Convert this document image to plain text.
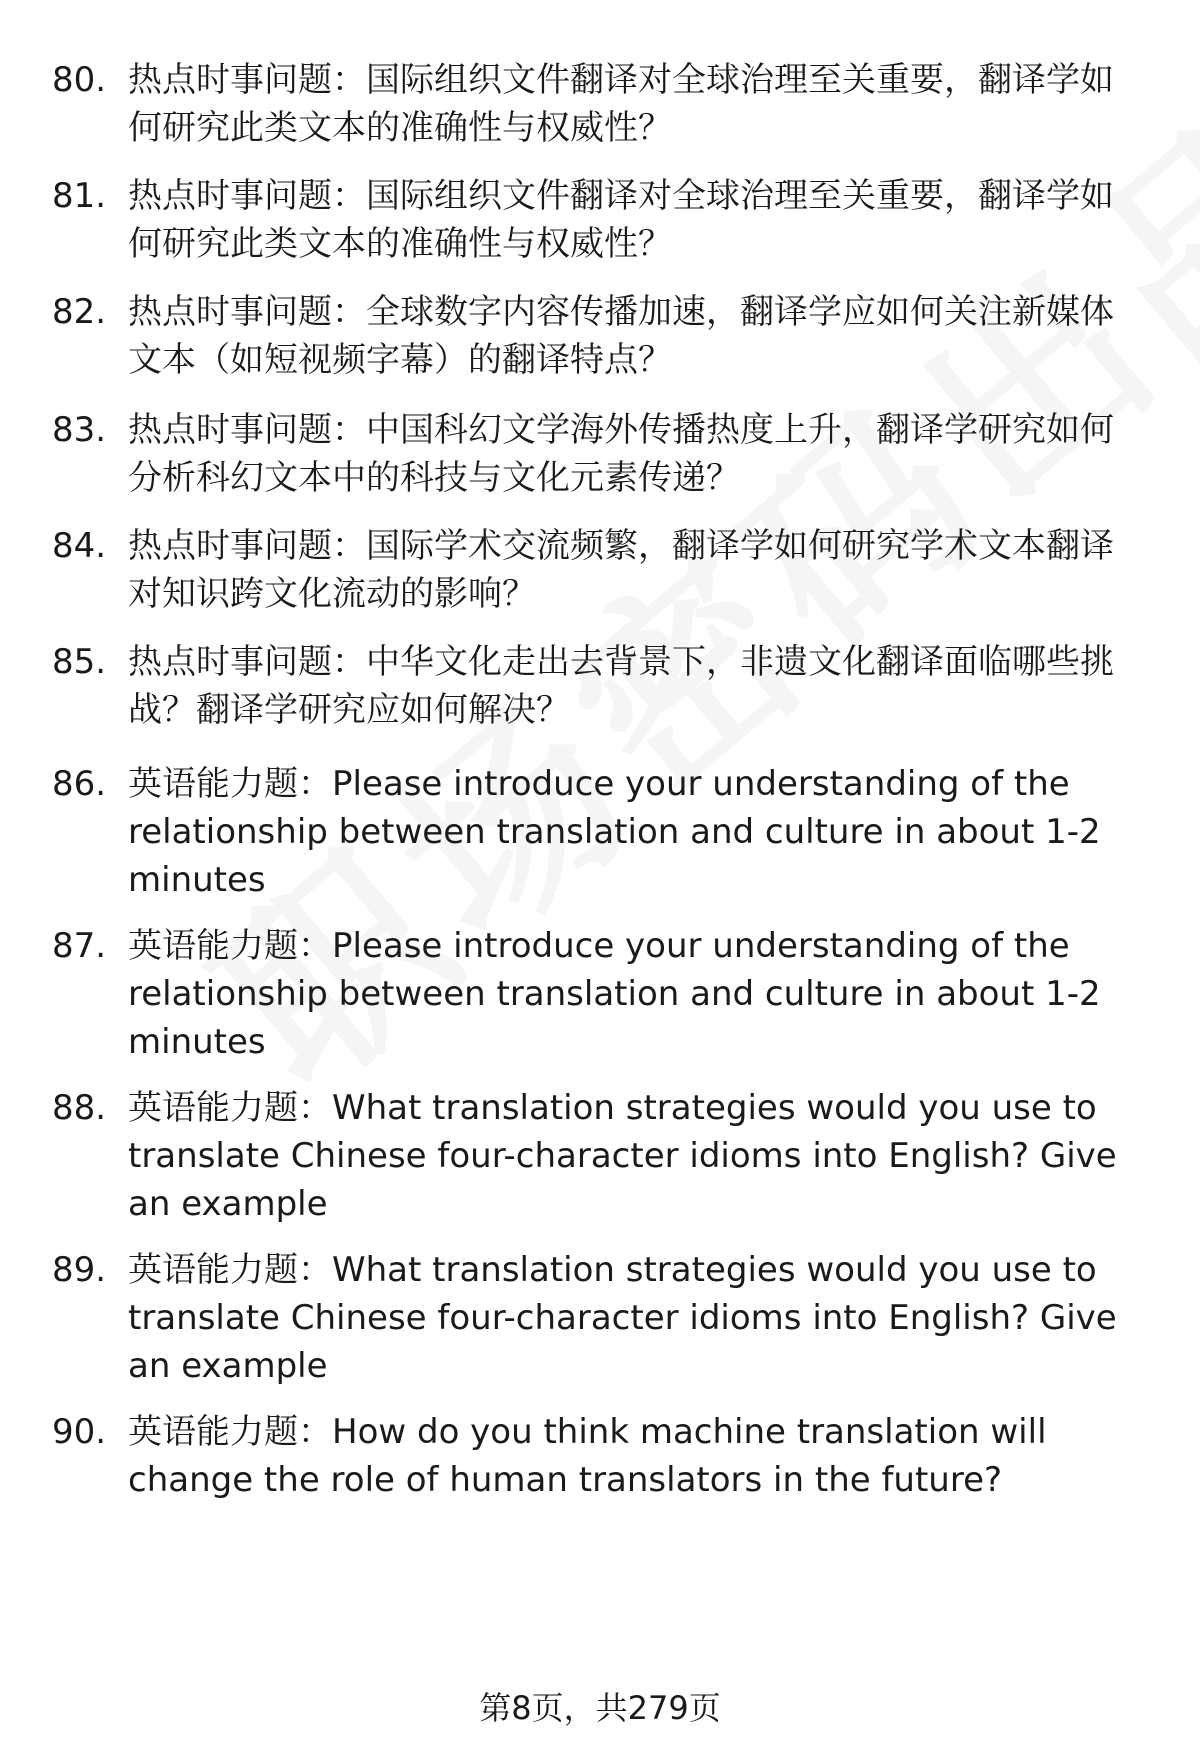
80. 热点时事问题：国际组织文件翻译对全球治理至关重要，翻译学如何研究此类文本的准确性与权威性？
81. 热点时事问题：国际组织文件翻译对全球治理至关重要，翻译学如何研究此类文本的准确性与权威性？
82. 热点时事问题：全球数字内容传播加速，翻译学应如何关注新媒体文本（如短视频字幕）的翻译特点？
83. 热点时事问题：中国科幻文学海外传播热度上升，翻译学研究如何分析科幻文本中的科技与文化元素传递？
84. 热点时事问题：国际学术交流频繁，翻译学如何研究学术文本翻译对知识跨文化流动的影响？
85. 热点时事问题：中华文化走出去背景下，非遗文化翻译面临哪些挑战？翻译学研究应如何解决？
86. 英语能力题：Please introduce your understanding of the relationship between translation and culture in about 1-2 minutes
87. 英语能力题：Please introduce your understanding of the relationship between translation and culture in about 1-2 minutes
88. 英语能力题：What translation strategies would you use to translate Chinese four-character idioms into English? Give an example
89. 英语能力题：What translation strategies would you use to translate Chinese four-character idioms into English? Give an example
90. 英语能力题：How do you think machine translation will change the role of human translators in the future?
第8页，共279页
